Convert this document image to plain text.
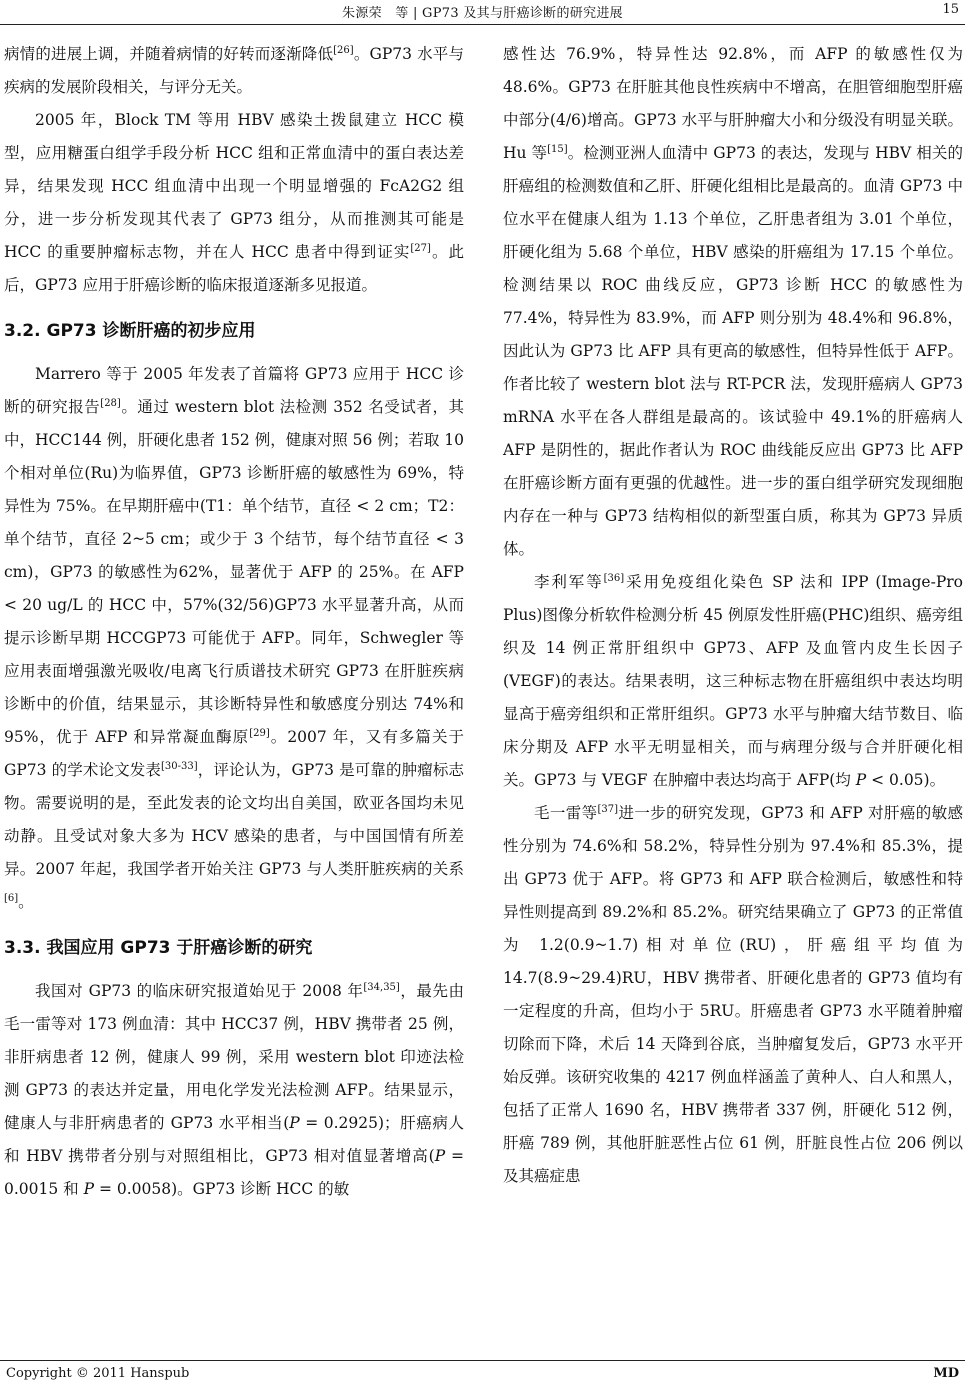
朱源荣　等 | GP73 及其与肝癌诊断的研究进展	15

病情的进展上调，并随着病情的好转而逐渐降低[26]。GP73 水平与疾病的发展阶段相关，与评分无关。

2005 年，Block TM 等用 HBV 感染土拨鼠建立 HCC 模型，应用糖蛋白组学手段分析 HCC 组和正常血清中的蛋白表达差异，结果发现 HCC 组血清中出现一个明显增强的 FcA2G2 组分，进一步分析发现其代表了 GP73 组分，从而推测其可能是 HCC 的重要肿瘤标志物，并在人 HCC 患者中得到证实[27]。此后，GP73 应用于肝癌诊断的临床报道逐渐多见报道。

3.2. GP73 诊断肝癌的初步应用

Marrero 等于 2005 年发表了首篇将 GP73 应用于 HCC 诊断的研究报告[28]。通过 western blot 法检测 352 名受试者，其中，HCC144 例，肝硬化患者 152 例，健康对照 56 例；若取 10 个相对单位(Ru)为临界值，GP73 诊断肝癌的敏感性为 69%，特异性为 75%。在早期肝癌中(T1：单个结节，直径 < 2 cm；T2：单个结节，直径 2~5 cm；或少于 3 个结节，每个结节直径 < 3 cm)，GP73 的敏感性为62%，显著优于 AFP 的 25%。在 AFP < 20 ug/L 的 HCC 中，57%(32/56)GP73 水平显著升高，从而提示诊断早期 HCCGP73 可能优于 AFP。同年，Schwegler 等应用表面增强激光吸收/电离飞行质谱技术研究 GP73 在肝脏疾病诊断中的价值，结果显示，其诊断特异性和敏感度分别达 74%和 95%，优于 AFP 和异常凝血酶原[29]。2007 年，又有多篇关于 GP73 的学术论文发表[30-33]，评论认为，GP73 是可靠的肿瘤标志物。需要说明的是，至此发表的论文均出自美国，欧亚各国均未见动静。且受试对象大多为 HCV 感染的患者，与中国国情有所差异。2007 年起，我国学者开始关注 GP73 与人类肝脏疾病的关系[6]。

3.3. 我国应用 GP73 于肝癌诊断的研究

我国对 GP73 的临床研究报道始见于 2008 年[34,35]，最先由毛一雷等对 173 例血清：其中 HCC37 例，HBV 携带者 25 例，非肝病患者 12 例，健康人 99 例，采用 western blot 印迹法检测 GP73 的表达并定量，用电化学发光法检测 AFP。结果显示，健康人与非肝病患者的 GP73 水平相当(P = 0.2925)；肝癌病人和 HBV 携带者分别与对照组相比，GP73 相对值显著增高(P = 0.0015 和 P = 0.0058)。GP73 诊断 HCC 的敏

感性达 76.9%，特异性达 92.8%，而 AFP 的敏感性仅为 48.6%。GP73 在肝脏其他良性疾病中不增高，在胆管细胞型肝癌中部分(4/6)增高。GP73 水平与肝肿瘤大小和分级没有明显关联。Hu 等[15]。检测亚洲人血清中 GP73 的表达，发现与 HBV 相关的肝癌组的检测数值和乙肝、肝硬化组相比是最高的。血清 GP73 中位水平在健康人组为 1.13 个单位，乙肝患者组为 3.01 个单位，肝硬化组为 5.68 个单位，HBV 感染的肝癌组为 17.15 个单位。检测结果以 ROC 曲线反应，GP73 诊断 HCC 的敏感性为 77.4%，特异性为 83.9%，而 AFP 则分别为 48.4%和 96.8%，因此认为 GP73 比 AFP 具有更高的敏感性，但特异性低于 AFP。作者比较了 western blot 法与 RT-PCR 法，发现肝癌病人 GP73 mRNA 水平在各人群组是最高的。该试验中 49.1%的肝癌病人 AFP 是阴性的，据此作者认为 ROC 曲线能反应出 GP73 比 AFP 在肝癌诊断方面有更强的优越性。进一步的蛋白组学研究发现细胞内存在一种与 GP73 结构相似的新型蛋白质，称其为 GP73 异质体。

李利军等[36]采用免疫组化染色 SP 法和 IPP (Image-Pro Plus)图像分析软件检测分析 45 例原发性肝癌(PHC)组织、癌旁组织及 14 例正常肝组织中 GP73、AFP 及血管内皮生长因子(VEGF)的表达。结果表明，这三种标志物在肝癌组织中表达均明显高于癌旁组织和正常肝组织。GP73 水平与肿瘤大结节数目、临床分期及 AFP 水平无明显相关，而与病理分级与合并肝硬化相关。GP73 与 VEGF 在肿瘤中表达均高于 AFP(均 P < 0.05)。

毛一雷等[37]进一步的研究发现，GP73 和 AFP 对肝癌的敏感性分别为 74.6%和 58.2%，特异性分别为 97.4%和 85.3%，提出 GP73 优于 AFP。将 GP73 和 AFP 联合检测后，敏感性和特异性则提高到 89.2%和 85.2%。研究结果确立了 GP73 的正常值为 1.2(0.9~1.7)相对单位(RU)，肝癌组平均值为 14.7(8.9~29.4)RU，HBV 携带者、肝硬化患者的 GP73 值均有一定程度的升高，但均小于 5RU。肝癌患者 GP73 水平随着肿瘤切除而下降，术后 14 天降到谷底，当肿瘤复发后，GP73 水平开始反弹。该研究收集的 4217 例血样涵盖了黄种人、白人和黑人，包括了正常人 1690 名，HBV 携带者 337 例，肝硬化 512 例，肝癌 789 例，其他肝脏恶性占位 61 例，肝脏良性占位 206 例以及其癌症患

Copyright © 2011 Hanspub	MD
